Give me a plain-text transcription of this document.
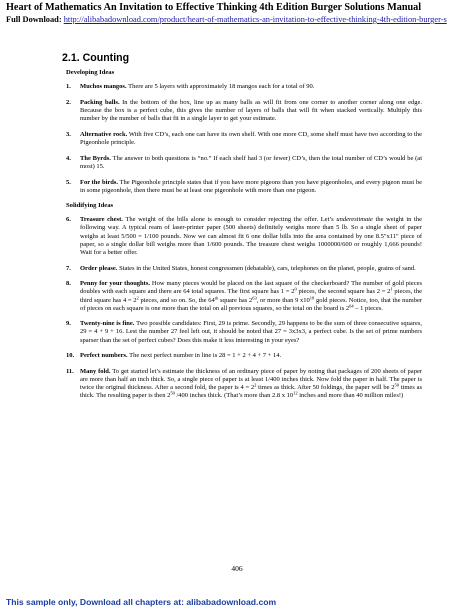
Heart of Mathematics An Invitation to Effective Thinking 4th Edition Burger Solutions Manual
Full Download: http://alibabadownload.com/product/heart-of-mathematics-an-invitation-to-effective-thinking-4th-edition-burger-s
2.1. Counting
Developing Ideas
1.	Muchos mangos. There are 5 layers with approximately 18 mangos each for a total of 90.
2.	Packing balls. In the bottom of the box, line up as many balls as will fit from one corner to another corner along one edge. Because the box is a perfect cube, this gives the number of layers of balls that will fit when stacked vertically. Multiply this number by the number of balls that fit in a single layer to get your estimate.
3.	Alternative rock. With five CD’s, each one can have its own shelf. With one more CD, some shelf must have two according to the Pigeonhole principle.
4.	The Byrds. The answer to both questions is “no.” If each shelf had 3 (or fewer) CD’s, then the total number of CD’s would be (at most) 15.
5.	For the birds. The Pigeonhole principle states that if you have more pigeons than you have pigeonholes, and every pigeon must be in some pigeonhole, then there must be at least one pigeonhole with more than one pigeon.
Solidifying Ideas
6.	Treasure chest. The weight of the bills alone is enough to consider rejecting the offer. Let’s underestimate the weight in the following way. A typical ream of laser-printer paper (500 sheets) definitely weighs more than 5 lb. So a single sheet of paper weighs at least 5/500 = 1/100 pounds. Now we can almost fit 6 one dollar bills into the area contained by one 8.5"x11" piece of paper, so a single dollar bill weighs more than 1/600 pounds. The treasure chest weighs 1000000/600 or roughly 1,666 pounds! Wait for a better offer.
7.	Order please. States in the United States, honest congressmen (debatable), cars, telephones on the planet, people, grains of sand.
8.	Penny for your thoughts. How many pieces would be placed on the last square of the checkerboard? The number of gold pieces doubles with each square and there are 64 total squares. The first square has $1 = 2^0$ pieces, the second square has $2 = 2^1$ pieces, the third square has $4 = 2^2$ pieces, and so on. So, the 64th square has $2^{63}$, or more than 9 $x10^{18}$ gold pieces. Notice, too, that the number of pieces on each square is one more than the total on all previous squares, so the total on the board is $2^{64} - 1$ pieces.
9.	Twenty-nine is fine. Two possible candidates: First, 29 is prime. Secondly, 29 happens to be the sum of three consecutive squares, 29 = 4 + 9 + 16. Lest the number 27 feel left out, it should be noted that 27 = 3x3x3, a perfect cube. Is the set of prime numbers sparser than the set of perfect cubes? Does this make it less interesting in your eyes?
10. Perfect numbers. The next perfect number in line is 28 = 1 + 2 + 4 + 7 + 14.
11. Many fold. To get started let’s estimate the thickness of an ordinary piece of paper by noting that packages of 200 sheets of paper are more than half an inch thick. So, a single piece of paper is at least 1/400 inches thick. Now fold the paper in half. The paper is twice the original thickness. After a second fold, the paper is $4 = 2^2$ times as thick. After 50 foldings, the paper will be $2^{50}$ times as thick. The resulting paper is then $2^{50}$ /400 inches thick. (That’s more than 2.8 x $10^{12}$ inches and more than 40 million miles!)
406
This sample only, Download all chapters at: alibabadownload.com
